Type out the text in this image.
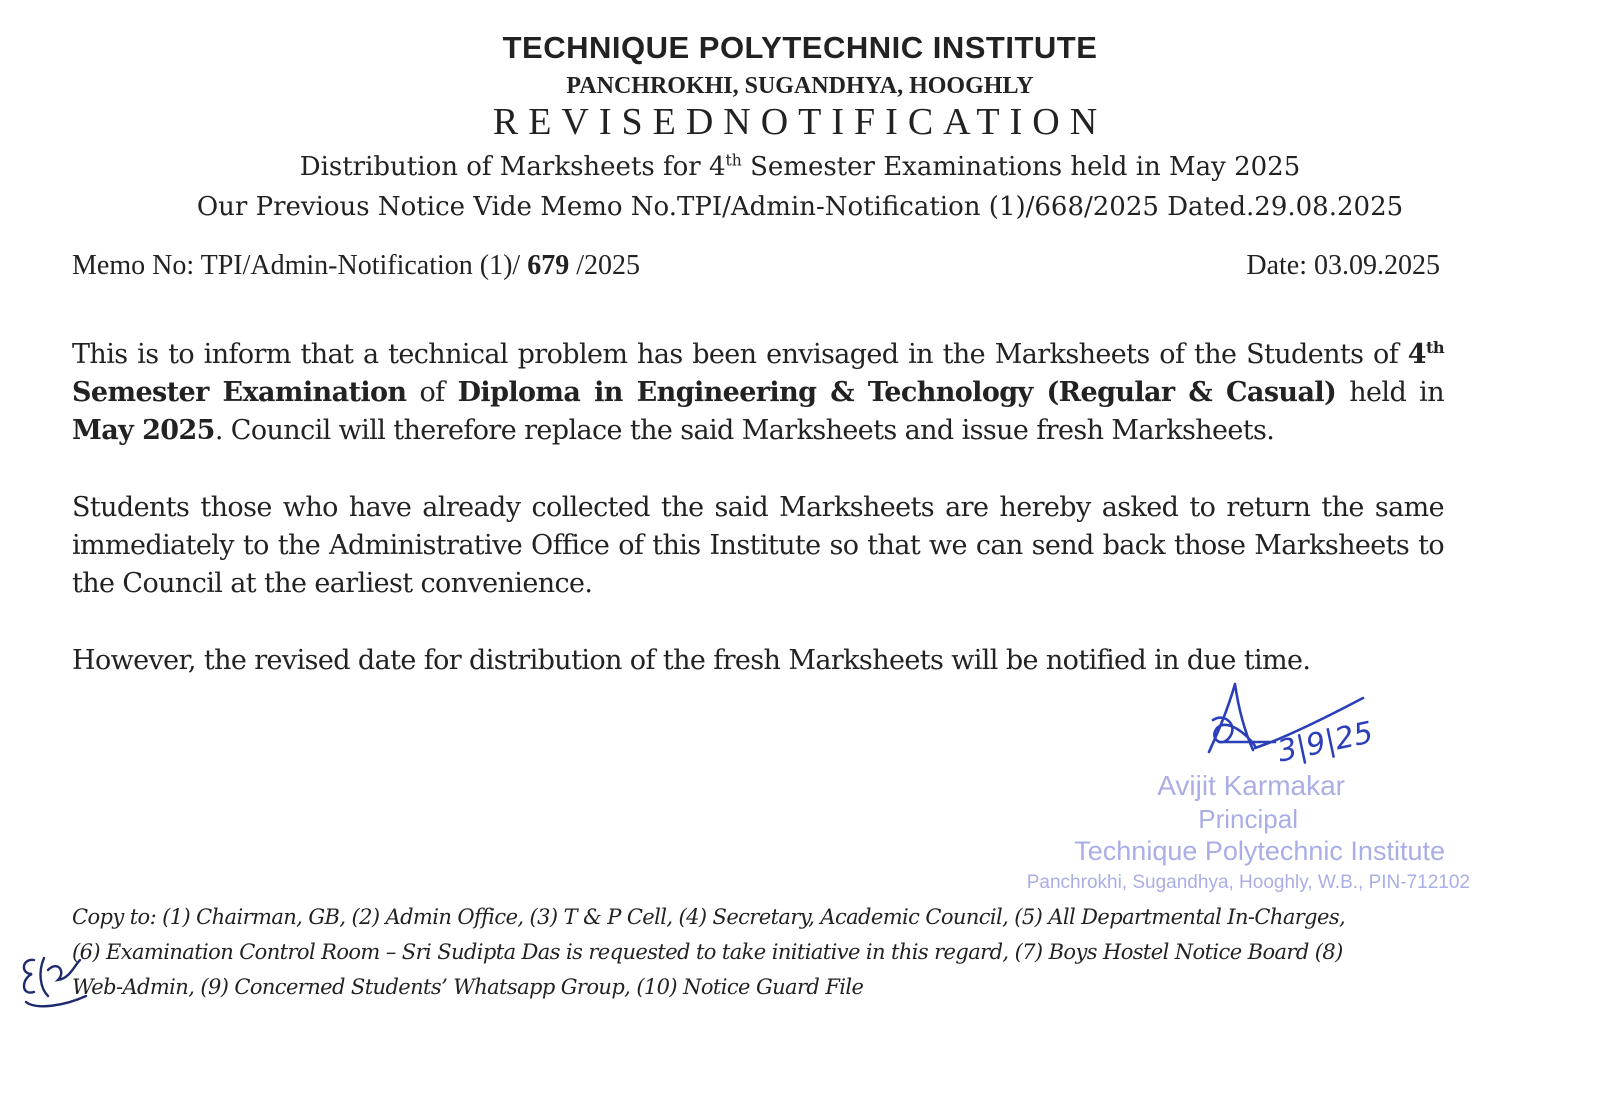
TECHNIQUE POLYTECHNIC INSTITUTE
PANCHROKHI, SUGANDHYA, HOOGHLY
REVISEDNOTIFICATION
Distribution of Marksheets for 4th Semester Examinations held in May 2025
Our Previous Notice Vide Memo No.TPI/Admin-Notification (1)/668/2025 Dated.29.08.2025
Memo No: TPI/Admin-Notification (1)/ 679 /2025	Date: 03.09.2025
This is to inform that a technical problem has been envisaged in the Marksheets of the Students of 4th Semester Examination of Diploma in Engineering & Technology (Regular & Casual) held in May 2025. Council will therefore replace the said Marksheets and issue fresh Marksheets.
Students those who have already collected the said Marksheets are hereby asked to return the same immediately to the Administrative Office of this Institute so that we can send back those Marksheets to the Council at the earliest convenience.
However, the revised date for distribution of the fresh Marksheets will be notified in due time.
3|9|25
Avijit Karmakar
Principal
Technique Polytechnic Institute
Panchrokhi, Sugandhya, Hooghly, W.B., PIN-712102
Copy to: (1) Chairman, GB, (2) Admin Office, (3) T & P Cell, (4) Secretary, Academic Council, (5) All Departmental In-Charges,
(6) Examination Control Room – Sri Sudipta Das is requested to take initiative in this regard, (7) Boys Hostel Notice Board (8)
Web-Admin, (9) Concerned Students’ Whatsapp Group, (10) Notice Guard File
